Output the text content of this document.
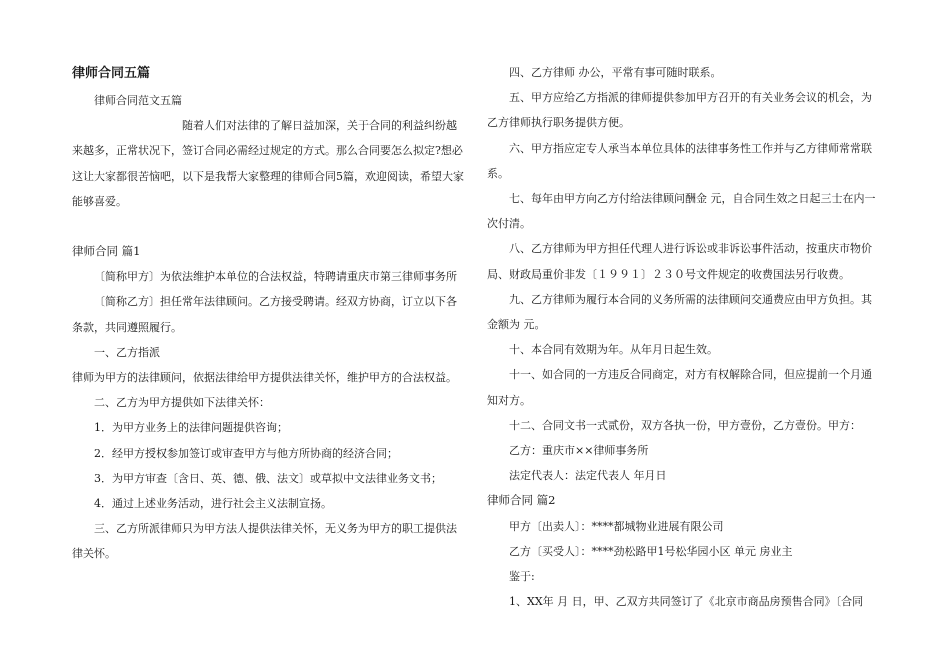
律师合同五篇

律师合同范文五篇

随着人们对法律的了解日益加深，关于合同的利益纠纷越来越多，正常状况下，签订合同必需经过规定的方式。那么合同要怎么拟定?想必这让大家都很苦恼吧，以下是我帮大家整理的律师合同5篇，欢迎阅读，希望大家能够喜爱。

律师合同 篇1

〔简称甲方〕为依法维护本单位的合法权益，特聘请重庆市第三律师事务所

〔简称乙方〕担任常年法律顾问。乙方接受聘请。经双方协商，订立以下各条款，共同遵照履行。

一、乙方指派

律师为甲方的法律顾问，依据法律给甲方提供法律关怀，维护甲方的合法权益。

二、乙方为甲方提供如下法律关怀：

1．为甲方业务上的法律问题提供咨询；

2．经甲方授权参加签订或审查甲方与他方所协商的经济合同；

3．为甲方审查〔含日、英、德、俄、法文〕或草拟中文法律业务文书；

4．通过上述业务活动，进行社会主义法制宣扬。

三、乙方所派律师只为甲方法人提供法律关怀，无义务为甲方的职工提供法律关怀。

四、乙方律师 办公，平常有事可随时联系。

五、甲方应给乙方指派的律师提供参加甲方召开的有关业务会议的机会，为乙方律师执行职务提供方便。

六、甲方指应定专人承当本单位具体的法律事务性工作并与乙方律师常常联系。

七、每年由甲方向乙方付给法律顾问酬金 元，自合同生效之日起三士在内一次付清。

八、乙方律师为甲方担任代理人进行诉讼或非诉讼事件活动，按重庆市物价局、财政局重价非发〔１９９１〕２３０号文件规定的收费国法另行收费。

九、乙方律师为履行本合同的义务所需的法律顾问交通费应由甲方负担。其金额为 元。

十、本合同有效期为年。从年月日起生效。

十一、如合同的一方违反合同商定，对方有权解除合同，但应提前一个月通知对方。

十二、合同文书一式贰份，双方各执一份，甲方壹份，乙方壹份。甲方：

乙方：重庆市××律师事务所

法定代表人：法定代表人 年月日

律师合同 篇2

甲方〔出卖人〕：****都城物业进展有限公司

乙方〔买受人〕：****劲松路甲1号松华园小区 单元 房业主

鉴于:

1、XX年 月 日，甲、乙双方共同签订了《北京市商品房预售合同》〔合同
